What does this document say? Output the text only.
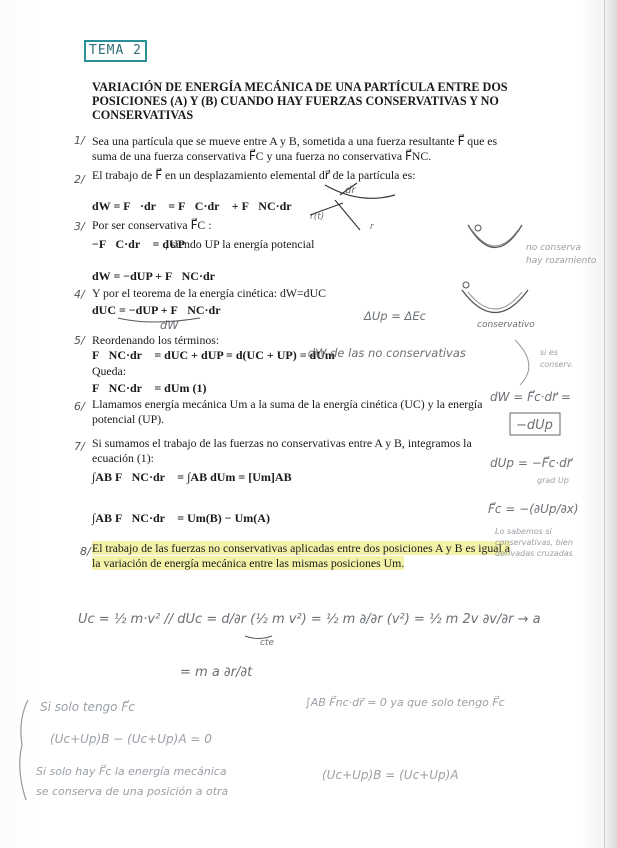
TEMA 2
VARIACIÓN DE ENERGÍA MECÁNICA DE UNA PARTÍCULA ENTRE DOS POSICIONES (A) Y (B) CUANDO HAY FUERZAS CONSERVATIVAS Y NO CONSERVATIVAS
1/ Sea una partícula que se mueve entre A y B, sometida a una fuerza resultante F⃗ que es suma de una fuerza conservativa F⃗C y una fuerza no conservativa F⃗NC.
2/ El trabajo de F⃗ en un desplazamiento elemental dr⃗ de la partícula es:
dW = F⃗·dr⃗ = F⃗C·dr⃗ + F⃗NC·dr⃗
3/ Por ser conservativa F⃗C :
−F⃗C·dr⃗ = dUP
, siendo UP la energía potencial
dW = −dUP + F⃗NC·dr⃗
4/ Y por el teorema de la energía cinética: dW=dUC
dUC = −dUP + F⃗NC·dr⃗
dW
5/ Reordenando los términos:
F⃗NC·dr⃗ = dUC + dUP = d(UC + UP) = dUm
- dW de las no conservativas
Queda:
F⃗NC·dr⃗ = dUm (1)
6/ Llamamos energía mecánica Um a la suma de la energía cinética (UC) y la energía potencial (UP).
7/ Si sumamos el trabajo de las fuerzas no conservativas entre A y B, integramos la ecuación (1):
∫AB F⃗NC·dr⃗ = ∫AB dUm = [Um]AB
∫AB F⃗NC·dr⃗ = Um(B) − Um(A)
8/ El trabajo de las fuerzas no conservativas aplicadas entre dos posiciones A y B es igual a la variación de energía mecánica entre las mismas posiciones Um.
dr
r(t)
r
no conserva
hay rozamiento
ΔUp = ΔEc
conservativo
si es
conserv.
dW = F⃗c·dr⃗ =
−dUp
dUp = −F⃗c·dr⃗
grad Up
F⃗c = −(∂Up/∂x)
Lo sabemos si conservativas, bien derivadas cruzadas
Uc = ½ m·v² // dUc = d/∂r (½ m v²) = ½ m ∂/∂r (v²) = ½ m 2v ∂v/∂r → a
cte
= m a ∂r/∂t
Si solo tengo F⃗c
(Uc+Up)B − (Uc+Up)A = 0
∫AB F⃗nc·dr⃗ = 0 ya que solo tengo F⃗c
Si solo hay F⃗c la energía mecánica
se conserva de una posición a otra
(Uc+Up)B = (Uc+Up)A
